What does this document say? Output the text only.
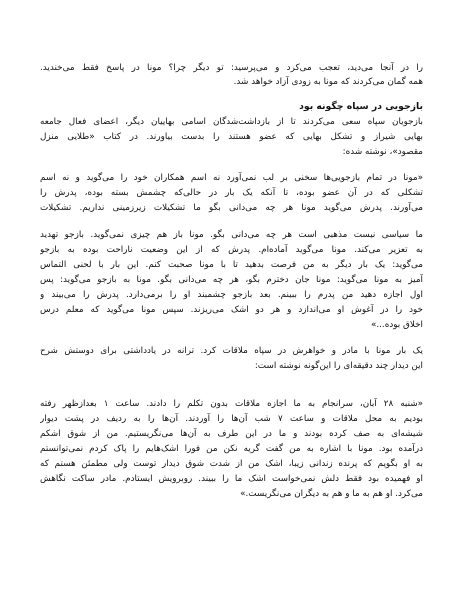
را در آنجا می‌دید، تعجب می‌کرد و می‌پرسید: تو دیگر چرا؟ مونا در پاسخ فقط می‌خندید.
همه گمان می‌کردند که مونا به زودی آزاد خواهد شد.
بازجویی در سپاه چگونه بود
بازجویان سپاه سعی می‌کردند تا از بازداشت‌شدگان اسامی بهاییان دیگر، اعضای فعال جامعه
بهایی شیراز و تشکل بهایی که عضو هستند را بدست بیاورند. در کتاب «طلایی منزل
مقصود»، نوشته شده:
«مونا در تمام بازجویی‌ها سخنی بر لب نمی‌آورد نه اسم همکاران خود را می‌گوید و نه اسم
تشکلی که در آن عضو بوده، تا آنکه یک بار در حالی‌که چشمش بسته بوده، پدرش را
می‌آورند. پدرش می‌گوید مونا هر چه می‌دانی بگو ما تشکیلات زیرزمینی نداریم. تشکیلات
ما سیاسی نیست مذهبی است هر چه می‌دانی بگو. مونا باز هم چیزی نمی‌گوید. بازجو تهدید
به تعزیر می‌کند. مونا می‌گوید آماده‌ام. پدرش که از این وضعیت ناراحت بوده به بازجو
می‌گوید: یک بار دیگر به من فرصت بدهید تا با مونا صحبت کنم. این بار با لحنی التماس
آمیز به مونا می‌گوید: مونا جان دخترم بگو، هر چه می‌دانی بگو. مونا به بازجو می‌گوید: پس
اول اجازه دهید من پدرم را ببینم. بعد بازجو چشمبند او را برمی‌دارد. پدرش را می‌بیند و
خود را در آغوش او می‌اندازد و هر دو اشک می‌ریزند. سپس مونا می‌گوید که معلم درس
اخلاق بوده...»
یک بار مونا با مادر و خواهرش در سپاه ملاقات کرد. ترانه در یادداشتی برای دوستش شرح
این دیدار چند دقیقه‌ای را این‌گونه نوشته است:
«شنبه ۲۸ آبان، سرانجام به ما اجازه ملاقات بدون تکلم را دادند. ساعت ۱ بعدازظهر رفته
بودیم به محل ملاقات و ساعت ۷ شب آن‌ها را آوردند. آن‌ها را به ردیف در پشت دیوار
شیشه‌ای به صف کرده بودند و ما در این طرف به آن‌ها می‌نگریستیم. من از شوق اشکم
درآمده بود. مونا با اشاره به من گفت گریه نکن من فورا اشک‌هایم را پاک کردم نمی‌توانستم
به او بگویم که پرنده زندانی زیبا، اشک من از شدت شوق دیدار توست ولی مطمئن هستم که
او فهمیده بود فقط دلش نمی‌خواست اشک ما را ببیند. روبرویش ایستادم. مادر ساکت نگاهش
می‌کرد. او هم به ما و هم به دیگران می‌نگریست.»
